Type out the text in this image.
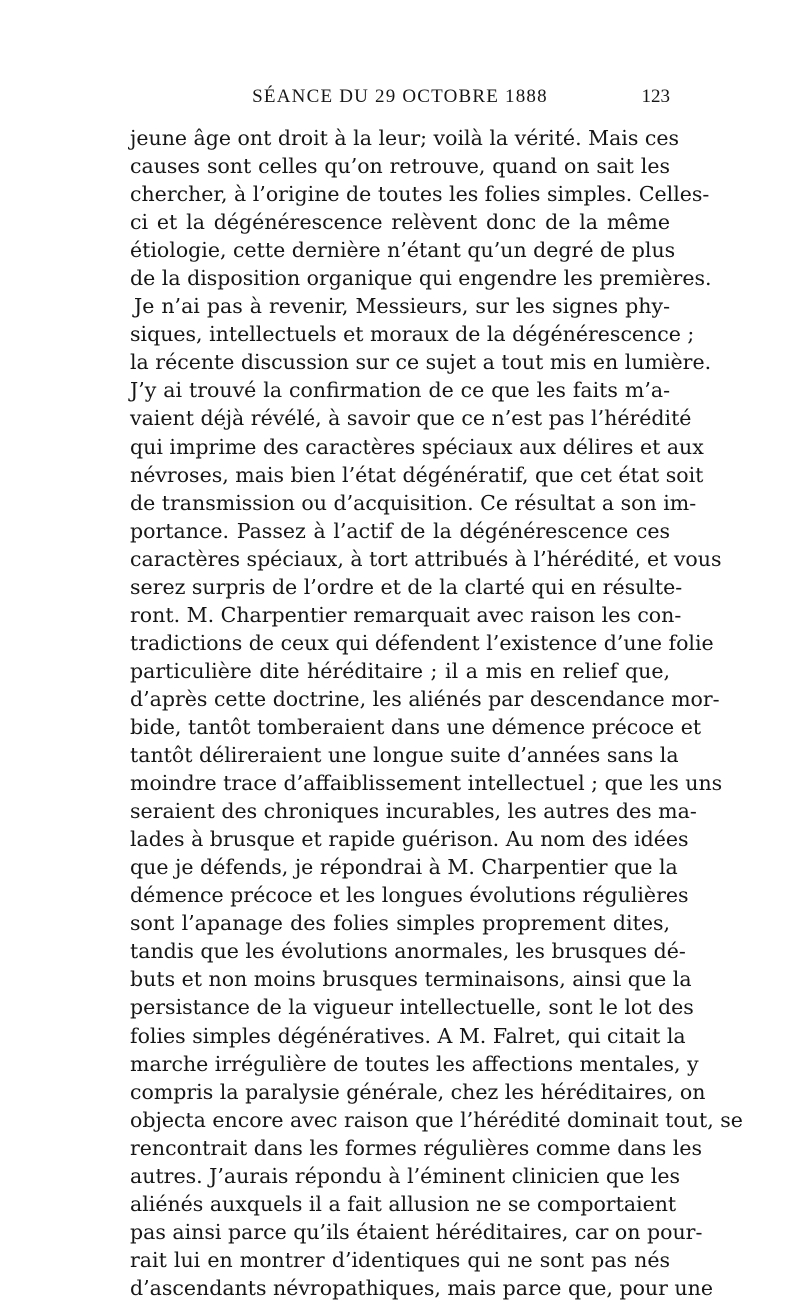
SÉANCE DU 29 OCTOBRE 1888	123
jeune âge ont droit à la leur; voilà la vérité. Mais ces
causes sont celles qu’on retrouve, quand on sait les
chercher, à l’origine de toutes les folies simples. Celles-
ci et la dégénérescence relèvent donc de la même
étiologie, cette dernière n’étant qu’un degré de plus
de la disposition organique qui engendre les premières.
Je n’ai pas à revenir, Messieurs, sur les signes phy-
siques, intellectuels et moraux de la dégénérescence ;
la récente discussion sur ce sujet a tout mis en lumière.
J’y ai trouvé la confirmation de ce que les faits m’a-
vaient déjà révélé, à savoir que ce n’est pas l’hérédité
qui imprime des caractères spéciaux aux délires et aux
névroses, mais bien l’état dégénératif, que cet état soit
de transmission ou d’acquisition. Ce résultat a son im-
portance. Passez à l’actif de la dégénérescence ces
caractères spéciaux, à tort attribués à l’hérédité, et vous
serez surpris de l’ordre et de la clarté qui en résulte-
ront. M. Charpentier remarquait avec raison les con-
tradictions de ceux qui défendent l’existence d’une folie
particulière dite héréditaire ; il a mis en relief que,
d’après cette doctrine, les aliénés par descendance mor-
bide, tantôt tomberaient dans une démence précoce et
tantôt délireraient une longue suite d’années sans la
moindre trace d’affaiblissement intellectuel ; que les uns
seraient des chroniques incurables, les autres des ma-
lades à brusque et rapide guérison. Au nom des idées
que je défends, je répondrai à M. Charpentier que la
démence précoce et les longues évolutions régulières
sont l’apanage des folies simples proprement dites,
tandis que les évolutions anormales, les brusques dé-
buts et non moins brusques terminaisons, ainsi que la
persistance de la vigueur intellectuelle, sont le lot des
folies simples dégénératives. A M. Falret, qui citait la
marche irrégulière de toutes les affections mentales, y
compris la paralysie générale, chez les héréditaires, on
objecta encore avec raison que l’hérédité dominait tout, se
rencontrait dans les formes régulières comme dans les
autres. J’aurais répondu à l’éminent clinicien que les
aliénés auxquels il a fait allusion ne se comportaient
pas ainsi parce qu’ils étaient héréditaires, car on pour-
rait lui en montrer d’identiques qui ne sont pas nés
d’ascendants névropathiques, mais parce que, pour une
